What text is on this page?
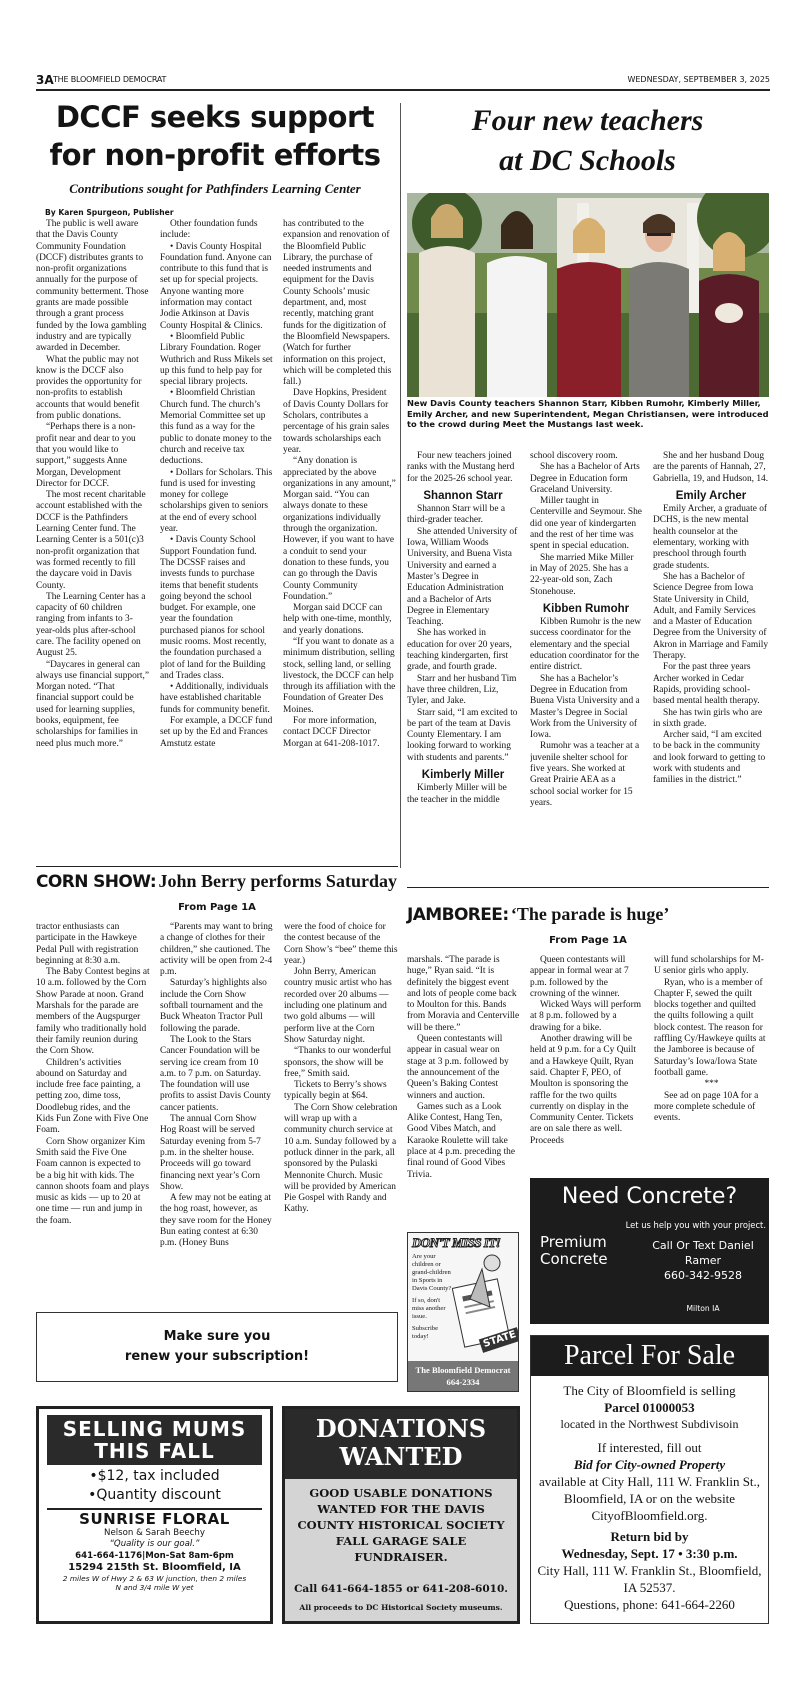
3A THE BLOOMFIELD DEMOCRAT	WEDNESDAY, SEPTBEMBER 3, 2025
DCCF seeks support
for non-profit efforts
Contributions sought for Pathfinders Learning Center
By Karen Spurgeon, Publisher

The public is well aware that the Davis County Community Foundation (DCCF) distributes grants to non-profit organizations annually for the purpose of community betterment. Those grants are made possible through a grant process funded by the Iowa gambling industry and are typically awarded in December.

What the public may not know is the DCCF also provides the opportunity for non-profits to establish accounts that would benefit from public donations.

“Perhaps there is a non-profit near and dear to you that you would like to support,” suggests Anne Morgan, Development Director for DCCF.

The most recent charitable account established with the DCCF is the Pathfinders Learning Center fund. The Learning Center is a 501(c)3 non-profit organization that was formed recently to fill the daycare void in Davis County.

The Learning Center has a capacity of 60 children ranging from infants to 3-year-olds plus after-school care. The facility opened on August 25.

“Daycares in general can always use financial support,” Morgan noted. “That financial support could be used for learning supplies, books, equipment, fee scholarships for families in need plus much more.”

Other foundation funds include:

• Davis County Hospital Foundation fund. Anyone can contribute to this fund that is set up for special projects. Anyone wanting more information may contact Jodie Atkinson at Davis County Hospital & Clinics.

• Bloomfield Public Library Foundation. Roger Wuthrich and Russ Mikels set up this fund to help pay for special library projects.

• Bloomfield Christian Church fund. The church’s Memorial Committee set up this fund as a way for the public to donate money to the church and receive tax deductions.

• Dollars for Scholars. This fund is used for investing money for college scholarships given to seniors at the end of every school year.

• Davis County School Support Foundation fund. The DCSSF raises and invests funds to purchase items that benefit students going beyond the school budget. For example, one year the foundation purchased pianos for school music rooms. Most recently, the foundation purchased a plot of land for the Building and Trades class.

• Additionally, individuals have established charitable funds for community benefit.

For example, a DCCF fund set up by the Ed and Frances Amstutz estate

has contributed to the expansion and renovation of the Bloomfield Public Library, the purchase of needed instruments and equipment for the Davis County Schools’ music department, and, most recently, matching grant funds for the digitization of the Bloomfield Newspapers. (Watch for further information on this project, which will be completed this fall.)

Dave Hopkins, President of Davis County Dollars for Scholars, contributes a percentage of his grain sales towards scholarships each year.

“Any donation is appreciated by the above organizations in any amount,” Morgan said. “You can always donate to these organizations individually through the organization. However, if you want to have a conduit to send your donation to these funds, you can go through the Davis County Community Foundation.”

Morgan said DCCF can help with one-time, monthly, and yearly donations.

“If you want to donate as a minimum distribution, selling stock, selling land, or selling livestock, the DCCF can help through its affiliation with the Foundation of Greater Des Moines.

For more information, contact DCCF Director Morgan at 641-208-1017.

Four new teachers
at DC Schools
New Davis County teachers Shannon Starr, Kibben Rumohr, Kimberly Miller, Emily Archer, and new Superintendent, Megan Christiansen, were introduced to the crowd during Meet the Mustangs last week.

Four new teachers joined ranks with the Mustang herd for the 2025-26 school year.

Shannon Starr

Shannon Starr will be a third-grader teacher.

She attended University of Iowa, William Woods University, and Buena Vista University and earned a Master’s Degree in Education Administration and a Bachelor of Arts Degree in Elementary Teaching.

She has worked in education for over 20 years, teaching kindergarten, first grade, and fourth grade.

Starr and her husband Tim have three children, Liz, Tyler, and Jake.

Starr said, “I am excited to be part of the team at Davis County Elementary. I am looking forward to working with students and parents.”

Kimberly Miller

Kimberly Miller will be the teacher in the middle

school discovery room.

She has a Bachelor of Arts Degree in Education form Graceland University.

Miller taught in Centerville and Seymour. She did one year of kindergarten and the rest of her time was spent in special education.

She married Mike Miller in May of 2025. She has a 22-year-old son, Zach Stonehouse.

Kibben Rumohr

Kibben Rumohr is the new success coordinator for the elementary and the special education coordinator for the entire district.

She has a Bachelor’s Degree in Education from Buena Vista University and a Master’s Degree in Social Work from the University of Iowa.

Rumohr was a teacher at a juvenile shelter school for five years. She worked at Great Prairie AEA as a school social worker for 15 years.

She and her husband Doug are the parents of Hannah, 27, Gabriella, 19, and Hudson, 14.

Emily Archer

Emily Archer, a graduate of DCHS, is the new mental health counselor at the elementary, working with preschool through fourth grade students.

She has a Bachelor of Science Degree from Iowa State University in Child, Adult, and Family Services and a Master of Education Degree from the University of Akron in Marriage and Family Therapy.

For the past three years Archer worked in Cedar Rapids, providing school-based mental health therapy.

She has twin girls who are in sixth grade.

Archer said, “I am excited to be back in the community and look forward to getting to work with students and families in the district.”

CORN SHOW: John Berry performs Saturday
From Page 1A

tractor enthusiasts can participate in the Hawkeye Pedal Pull with registration beginning at 8:30 a.m.

The Baby Contest begins at 10 a.m. followed by the Corn Show Parade at noon. Grand Marshals for the parade are members of the Augspurger family who traditionally hold their family reunion during the Corn Show.

Children’s activities abound on Saturday and include free face painting, a petting zoo, dime toss, Doodlebug rides, and the Kids Fun Zone with Five One Foam.

Corn Show organizer Kim Smith said the Five One Foam cannon is expected to be a big hit with kids. The cannon shoots foam and plays music as kids — up to 20 at one time — run and jump in the foam.

“Parents may want to bring a change of clothes for their children,” she cautioned. The activity will be open from 2-4 p.m.

Saturday’s highlights also include the Corn Show softball tournament and the Buck Wheaton Tractor Pull following the parade.

The Look to the Stars Cancer Foundation will be serving ice cream from 10 a.m. to 7 p.m. on Saturday. The foundation will use profits to assist Davis County cancer patients.

The annual Corn Show Hog Roast will be served Saturday evening from 5-7 p.m. in the shelter house. Proceeds will go toward financing next year’s Corn Show.

A few may not be eating at the hog roast, however, as they save room for the Honey Bun eating contest at 6:30 p.m. (Honey Buns

were the food of choice for the contest because of the Corn Show’s “bee” theme this year.)

John Berry, American country music artist who has recorded over 20 albums — including one platinum and two gold albums — will perform live at the Corn Show Saturday night.

“Thanks to our wonderful sponsors, the show will be free,” Smith said.

Tickets to Berry’s shows typically begin at $64.

The Corn Show celebration will wrap up with a community church service at 10 a.m. Sunday followed by a potluck dinner in the park, all sponsored by the Pulaski Mennonite Church. Music will be provided by American Pie Gospel with Randy and Kathy.

JAMBOREE: ‘The parade is huge’
From Page 1A

marshals. “The parade is huge,” Ryan said. “It is definitely the biggest event and lots of people come back to Moulton for this. Bands from Moravia and Centerville will be there.”

Queen contestants will appear in casual wear on stage at 3 p.m. followed by the announcement of the Queen’s Baking Contest winners and auction.

Games such as a Look Alike Contest, Hang Ten, Good Vibes Match, and Karaoke Roulette will take place at 4 p.m. preceding the final round of Good Vibes Trivia.

Queen contestants will appear in formal wear at 7 p.m. followed by the crowning of the winner.

Wicked Ways will perform at 8 p.m. followed by a drawing for a bike.

Another drawing will be held at 9 p.m. for a Cy Quilt and a Hawkeye Quilt, Ryan said. Chapter F, PEO, of Moulton is sponsoring the raffle for the two quilts currently on display in the Community Center. Tickets are on sale there as well. Proceeds

will fund scholarships for M-U senior girls who apply.

Ryan, who is a member of Chapter F, sewed the quilt blocks together and quilted the quilts following a quilt block contest. The reason for raffling Cy/Hawkeye quilts at the Jamboree is because of Saturday’s Iowa/Iowa State football game.

***

See ad on page 10A for a more complete schedule of events.

DON'T MISS IT!
Are your children or grand-children in Sports in Davis County?
If so, don't miss another issue.
Subscribe today!	STATE
The Bloomfield Democrat
664-2334
Need Concrete?
Let us help you with your project.
Premium
Concrete
Call Or Text Daniel
Ramer
660-342-9528
Milton IA
Make sure you
renew your subscription!	Parcel For Sale
The City of Bloomfield is selling
Parcel 01000053
located in the Northwest Subdivisoin
If interested, fill out
Bid for City-owned Property
available at City Hall, 111 W. Franklin St., Bloomfield, IA or on the website CityofBloomfield.org.
Return bid by
Wednesday, Sept. 17 • 3:30 p.m.
City Hall, 111 W. Franklin St., Bloomfield, IA 52537.
Questions, phone: 641-664-2260
SELLING MUMS
THIS FALL
•$12, tax included
•Quantity discount
SUNRISE FLORAL
Nelson & Sarah Beechy
“Quality is our goal.”
641-664-1176|Mon-Sat 8am-6pm
15294 215th St. Bloomfield, IA
2 miles W of Hwy 2 & 63 W junction, then 2 miles N and 3/4 mile W yet
DONATIONS
WANTED
GOOD USABLE DONATIONS WANTED FOR THE DAVIS COUNTY HISTORICAL SOCIETY FALL GARAGE SALE FUNDRAISER.
Call 641-664-1855 or 641-208-6010.
All proceeds to DC Historical Society museums.
